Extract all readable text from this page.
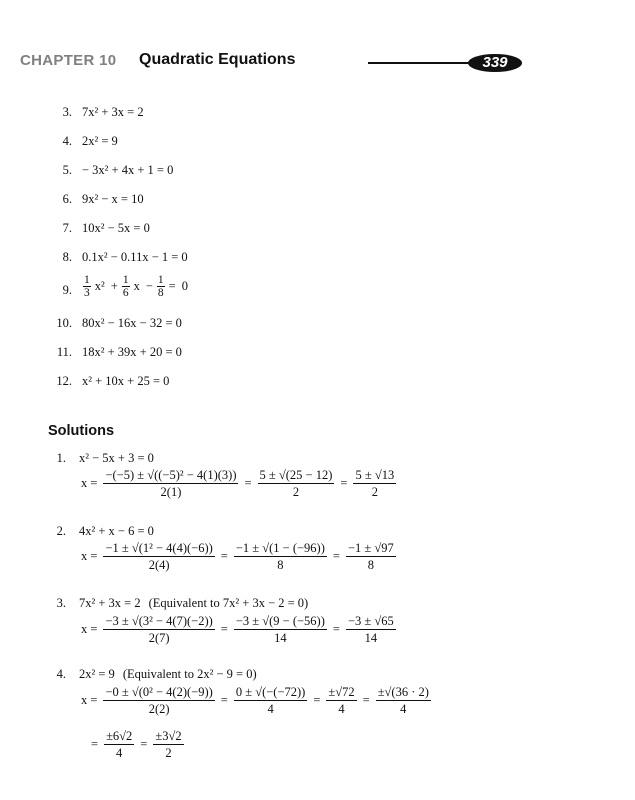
CHAPTER 10 Quadratic Equations	339
3. 7x² + 3x = 2
4. 2x² = 9
5. − 3x² + 4x + 1 = 0
6. 9x² − x = 10
7. 10x² − 5x = 0
8. 0.1x² − 0.11x − 1 = 0
9. $\frac{1}{3} x^2 + \frac{1}{6}$ $x - \frac{1}{8} = 0$
10. 80x² − 16x − 32 = 0
11. 18x² + 39x + 20 = 0
12. x² + 10x + 25 = 0
Solutions
1. x² − 5x + 3 = 0
$x = \frac{\text{−(−5) ± √((−5)² − 4(1)(3))}}{2(1)} = \frac{5 \pm √(25 - 12)}{2} = \frac{5 \pm √13}{2}$
2. 4x² + x − 6 = 0
$x = \frac{\text{−1 ± √(1² − 4(4)(−6))}}{2(4)} = \frac{-1 \pm √(1 - (-96))}{8} = \frac{-1 \pm √97}{8}$
3. 7x² + 3x = 2 (Equivalent to 7x² + 3x − 2 = 0)
$x = \frac{\text{−3 ± √(3² − 4(7)(−2))}}{2(7)} = \frac{-3 \pm √(9 - (-56))}{14} = \frac{-3 \pm √65}{14}$
4. 2x² = 9 (Equivalent to 2x² − 9 = 0)
$x = \frac{\text{−0 ± √(0² − 4(2)(−9))}}{2(2)} = \frac{0 \pm √(-(-72))}{4} = \frac{\pm√72}{4} = \frac{\pm√(36 \cdot 2)}{4}$
= $\frac{\pm 6√2}{4} = \frac{\pm 3√2}{2}$
